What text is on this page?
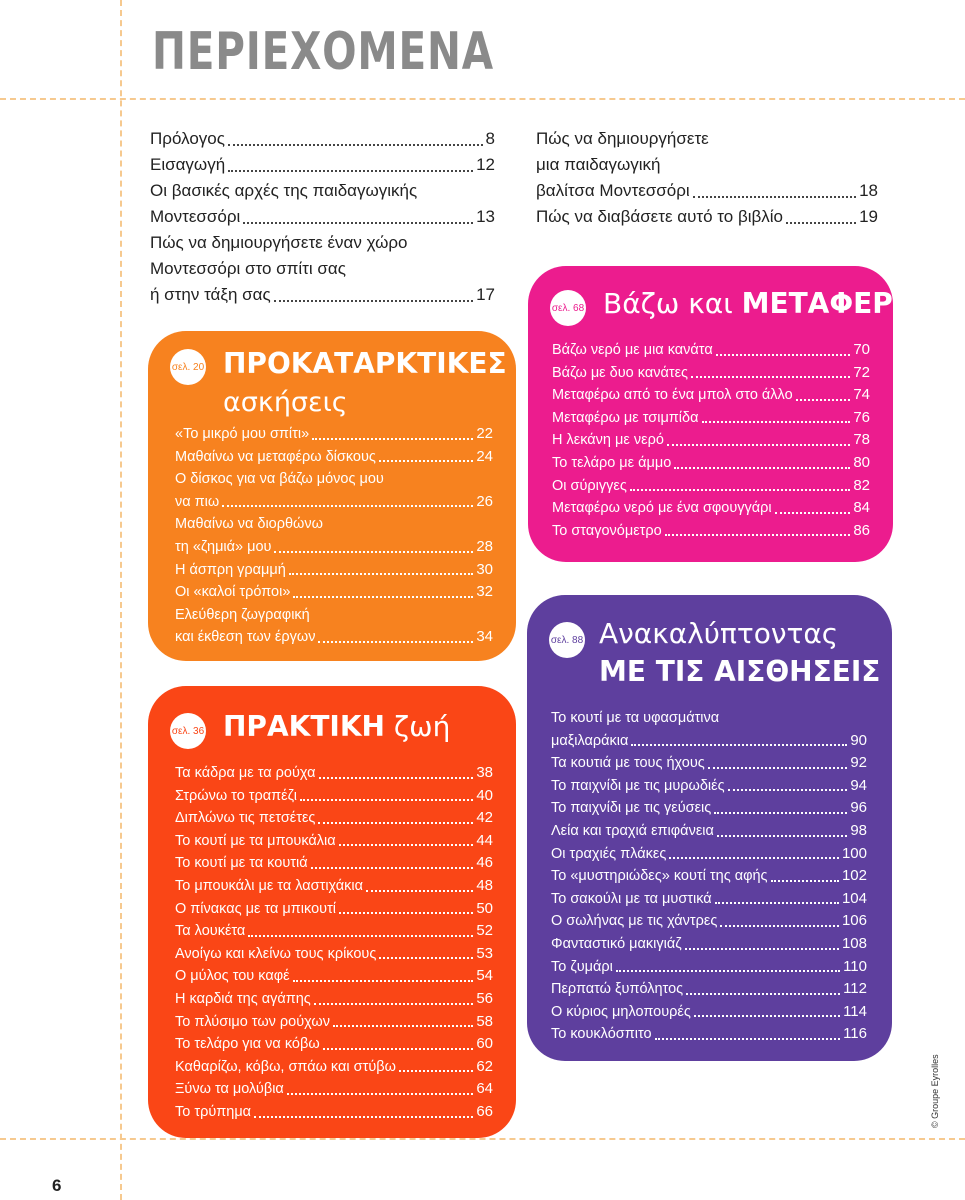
ΠΕΡΙΕΧΟΜΕΝΑ
Πρόλογος	8
Εισαγωγή	12
Οι βασικές αρχές της παιδαγωγικής
Μοντεσσόρι	13
Πώς να δημιουργήσετε έναν χώρο
Μοντεσσόρι στο σπίτι σας
ή στην τάξη σας	17
Πώς να δημιουργήσετε
μια παιδαγωγική
βαλίτσα Μοντεσσόρι	18
Πώς να διαβάσετε αυτό το βιβλίο	19
σελ. 20 ΠΡΟΚΑΤΑΡΚΤΙΚΕΣ
ασκήσεις
«Το μικρό μου σπίτι»	22
Μαθαίνω να μεταφέρω δίσκους	24
Ο δίσκος για να βάζω μόνος μου
να πιω	26
Μαθαίνω να διορθώνω
τη «ζημιά» μου	28
Η άσπρη γραμμή	30
Οι «καλοί τρόποι»	32
Ελεύθερη ζωγραφική
και έκθεση των έργων	34
σελ. 36 ΠΡΑΚΤΙΚΗ ζωή
Τα κάδρα με τα ρούχα	38
Στρώνω το τραπέζι	40
Διπλώνω τις πετσέτες	42
Το κουτί με τα μπουκάλια	44
Το κουτί με τα κουτιά	46
Το μπουκάλι με τα λαστιχάκια	48
Ο πίνακας με τα μπικουτί	50
Τα λουκέτα	52
Ανοίγω και κλείνω τους κρίκους	53
Ο μύλος του καφέ	54
Η καρδιά της αγάπης	56
Το πλύσιμο των ρούχων	58
Το τελάρο για να κόβω	60
Καθαρίζω, κόβω, σπάω και στύβω	62
Ξύνω τα μολύβια	64
Το τρύπημα	66
σελ. 68 Βάζω και ΜΕΤΑΦΕΡΩ
Βάζω νερό με μια κανάτα	70
Βάζω με δυο κανάτες	72
Μεταφέρω από το ένα μπολ στο άλλο	74
Μεταφέρω με τσιμπίδα	76
Η λεκάνη με νερό	78
Το τελάρο με άμμο	80
Οι σύριγγες	82
Μεταφέρω νερό με ένα σφουγγάρι	84
Το σταγονόμετρο	86
σελ. 88 Ανακαλύπτοντας
ΜΕ ΤΙΣ ΑΙΣΘΗΣΕΙΣ
Το κουτί με τα υφασμάτινα
μαξιλαράκια	90
Τα κουτιά με τους ήχους	92
Το παιχνίδι με τις μυρωδιές	94
Το παιχνίδι με τις γεύσεις	96
Λεία και τραχιά επιφάνεια	98
Οι τραχιές πλάκες	100
Το «μυστηριώδες» κουτί της αφής	102
Το σακούλι με τα μυστικά	104
Ο σωλήνας με τις χάντρες	106
Φανταστικό μακιγιάζ	108
Το ζυμάρι	110
Περπατώ ξυπόλητος	112
Ο κύριος μηλοπουρές	114
Το κουκλόσπιτο	116
6
© Groupe Eyrolles
